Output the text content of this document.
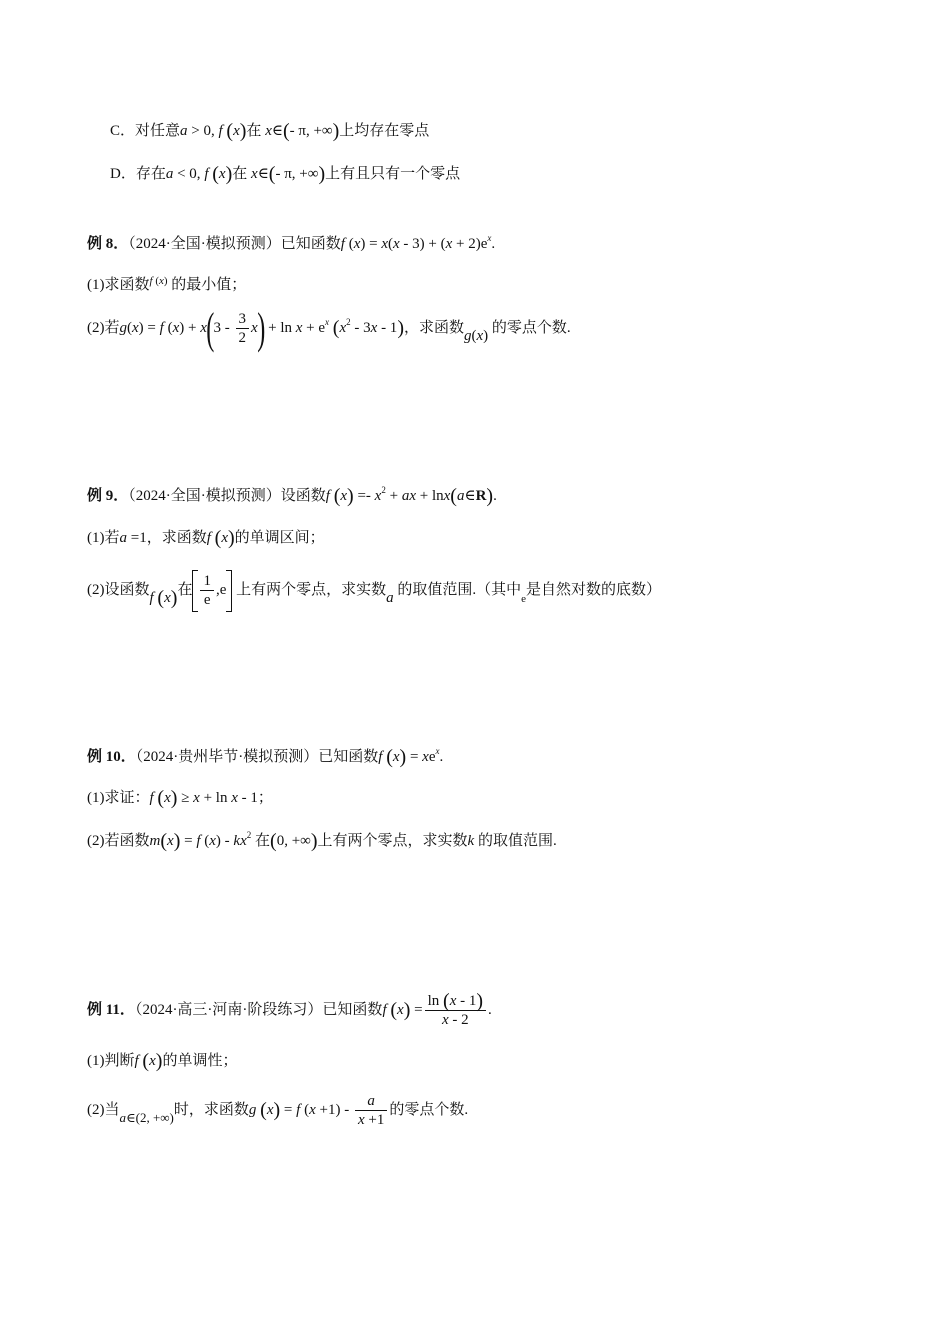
C．对任意a > 0, f (x)在 x∈(- π, +∞)上均存在零点
D．存在a < 0, f (x)在 x∈(- π, +∞)上有且只有一个零点
例 8．（2024·全国·模拟预测）已知函数f $(x) = x(x - 3) + (x + 2)e^x$.
(1)求函数$^{f (x)}$ 的最小值；
(2)若g(x) = f $(x) + x(3 - \frac{3}{2} x) + \ln x + e^x$ $(x^2 - 3x - 1)$，求函数g(x) 的零点个数.
例 9．（2024·全国·模拟预测）设函数f $(x) =- x^2$ + ax + lnx(a∈R).
(1)若a =1，求函数f (x)的单调区间；
(2)设函数f (x)在 $\frac{1}{e} ,e$ 上有两个零点，求实数a 的取值范围.（其中$_e$是自然对数的底数）
例 10．（2024·贵州毕节·模拟预测）已知函数f $(x) = xe^x$.
(1)求证：f (x) ≥ x + ln x - 1；
(2)若函数m(x) = f $(x) - kx^2$ 在(0, +∞)上有两个零点，求实数k 的取值范围.
例 11．（2024·高三·河南·阶段练习）已知函数f $(x) = \frac{\ln (x - 1)}{x - 2}$ .
(1)判断f (x)的单调性；
(2)当a∈(2, +∞)时，求函数g (x) = f $(x +1) - \frac{a}{x +1}$ 的零点个数.
